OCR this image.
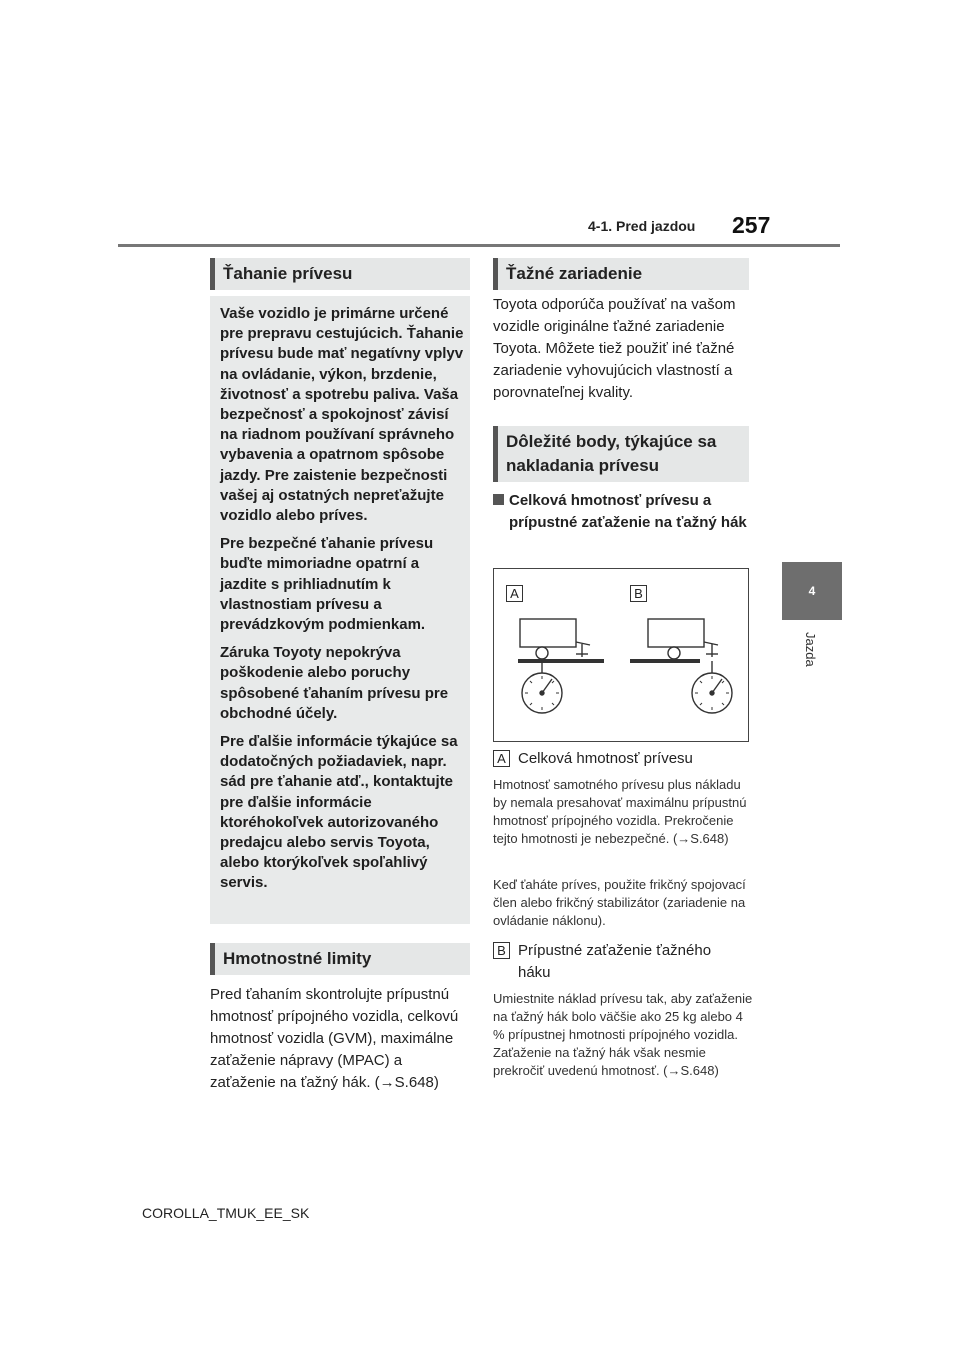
4-1. Pred jazdou 257
4
Jazda
Ťahanie prívesu

Vaše vozidlo je primárne určené pre prepravu cestujúcich. Ťahanie prívesu bude mať negatívny vplyv na ovládanie, výkon, brzdenie, životnosť a spotrebu paliva. Vaša bezpečnosť a spokojnosť závisí na riadnom používaní správneho vybavenia a opatrnom spôsobe jazdy. Pre zaistenie bezpečnosti vašej aj ostatných nepreťažujte vozidlo alebo príves.

Pre bezpečné ťahanie prívesu buďte mimoriadne opatrní a jazdite s prihliadnutím k vlastnostiam prívesu a prevádzkovým podmienkam.

Záruka Toyoty nepokrýva poškodenie alebo poruchy spôsobené ťahaním prívesu pre obchodné účely.

Pre ďalšie informácie týkajúce sa dodatočných požiadaviek, napr. sád pre ťahanie atď., kontaktujte pre ďalšie informácie ktoréhokoľvek autorizovaného predajcu alebo servis Toyota, alebo ktorýkoľvek spoľahlivý servis.

Hmotnostné limity

Pred ťahaním skontrolujte prípustnú hmotnosť prípojného vozidla, celkovú hmotnosť vozidla (GVM), maximálne zaťaženie nápravy (MPAC) a zaťaženie na ťažný hák. (→S.648)

Ťažné zariadenie

Toyota odporúča používať na vašom vozidle originálne ťažné zariadenie Toyota. Môžete tiež použiť iné ťažné zariadenie vyhovujúcich vlastností a porovnateľnej kvality.

Dôležité body, týkajúce sa
nakladania prívesu
Celková hmotnosť prívesu a prípustné zaťaženie na ťažný hák
A	B
A Celková hmotnosť prívesu

Hmotnosť samotného prívesu plus nákladu by nemala presahovať maximálnu prípustnú hmotnosť prípojného vozidla. Prekročenie tejto hmotnosti je nebezpečné. (→S.648)

Keď ťaháte príves, použite frikčný spojovací člen alebo frikčný stabilizátor (zariadenie na ovládanie náklonu).

B Prípustné zaťaženie ťažného
háku

Umiestnite náklad prívesu tak, aby zaťaženie na ťažný hák bolo väčšie ako 25 kg alebo 4 % prípustnej hmotnosti prípojného vozidla. Zaťaženie na ťažný hák však nesmie prekročiť uvedenú hmotnosť. (→S.648)

COROLLA_TMUK_EE_SK
